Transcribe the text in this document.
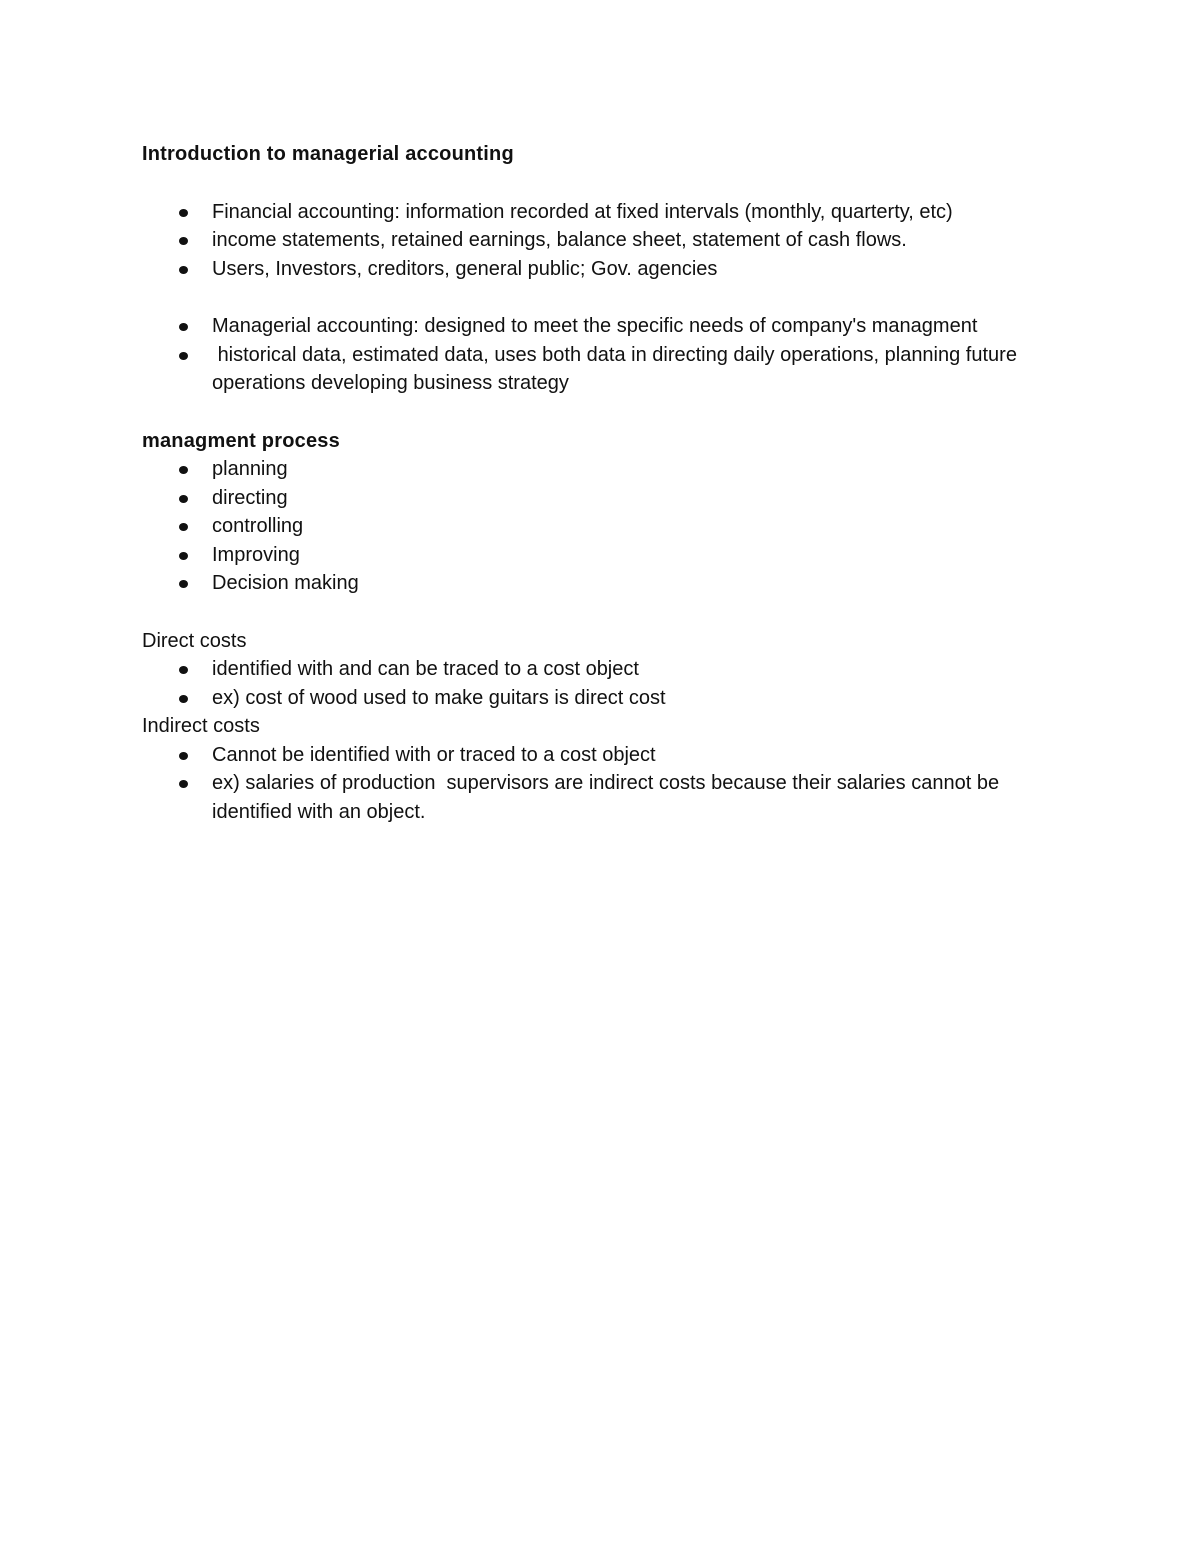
Introduction to managerial accounting
Financial accounting: information recorded at fixed intervals (monthly, quarterty, etc)
income statements, retained earnings, balance sheet, statement of cash flows.
Users, Investors, creditors, general public; Gov. agencies
Managerial accounting: designed to meet the specific needs of company's managment
historical data, estimated data, uses both data in directing daily operations, planning future operations developing business strategy
managment process
planning
directing
controlling
Improving
Decision making

Direct costs

identified with and can be traced to a cost object
ex) cost of wood used to make guitars is direct cost

Indirect costs

Cannot be identified with or traced to a cost object
ex) salaries of production  supervisors are indirect costs because their salaries cannot be identified with an object.
